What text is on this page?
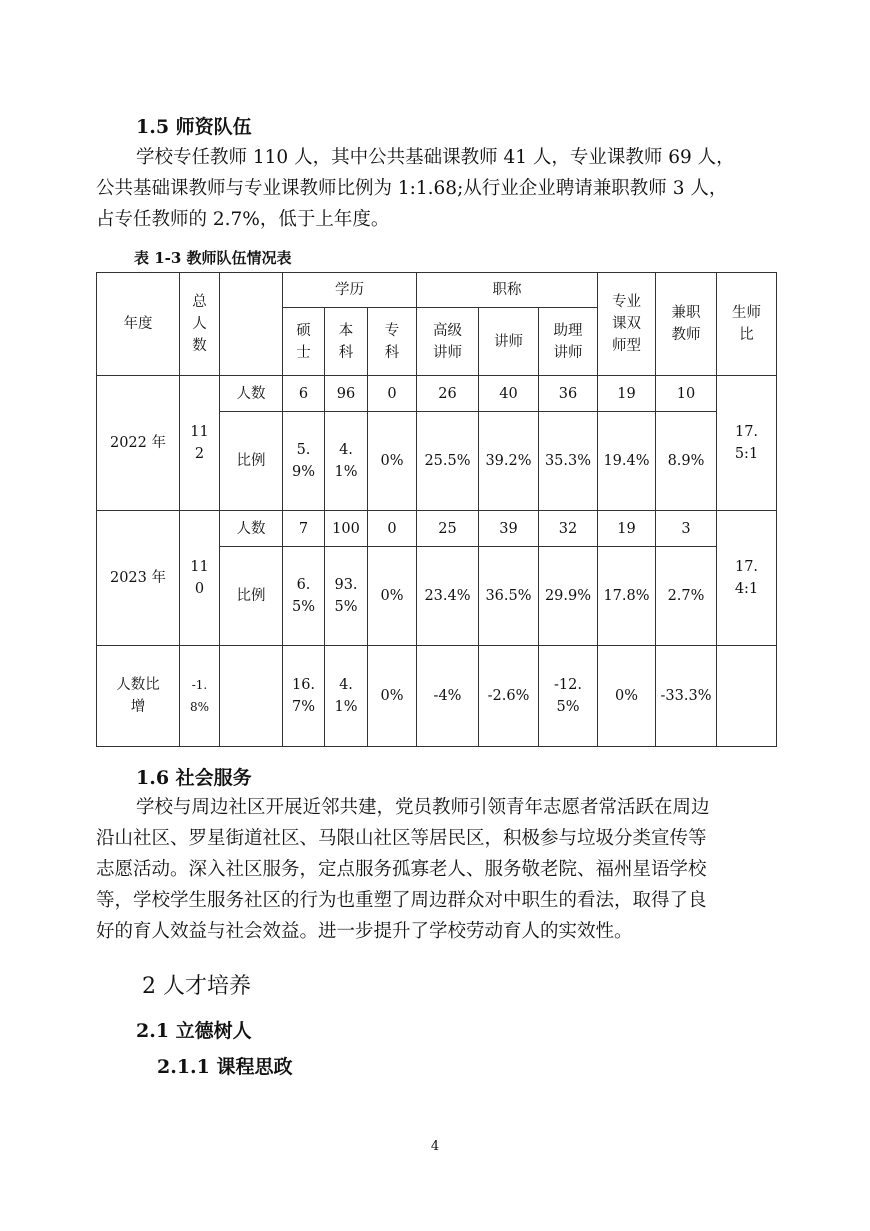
1.5 师资队伍
学校专任教师 110 人，其中公共基础课教师 41 人，专业课教师 69 人，
公共基础课教师与专业课教师比例为 1:1.68;从行业企业聘请兼职教师 3 人，
占专任教师的 2.7%，低于上年度。
表 1-3 教师队伍情况表
年度	总人数		学历			职称			专业课双师型	兼职教师	生师比
			硕士	本科	专科	高级讲师	讲师	助理讲师			
2022 年	112	人数	6	96	0	26	40	36	19	10	17.5:1
		比例	5.9%	4.1%	0%	25.5%	39.2%	35.3%	19.4%	8.9%	
2023 年	110	人数	7	100	0	25	39	32	19	3	17.4:1
		比例	6.5%	93.5%	0%	23.4%	36.5%	29.9%	17.8%	2.7%	
人数比增	-1.8%		16.7%	4.1%	0%	-4%	-2.6%	-12.5%	0%	-33.3%	
1.6 社会服务
学校与周边社区开展近邻共建，党员教师引领青年志愿者常活跃在周边
沿山社区、罗星街道社区、马限山社区等居民区，积极参与垃圾分类宣传等
志愿活动。深入社区服务，定点服务孤寡老人、服务敬老院、福州星语学校
等，学校学生服务社区的行为也重塑了周边群众对中职生的看法，取得了良
好的育人效益与社会效益。进一步提升了学校劳动育人的实效性。
2 人才培养
2.1 立德树人
2.1.1 课程思政
4
